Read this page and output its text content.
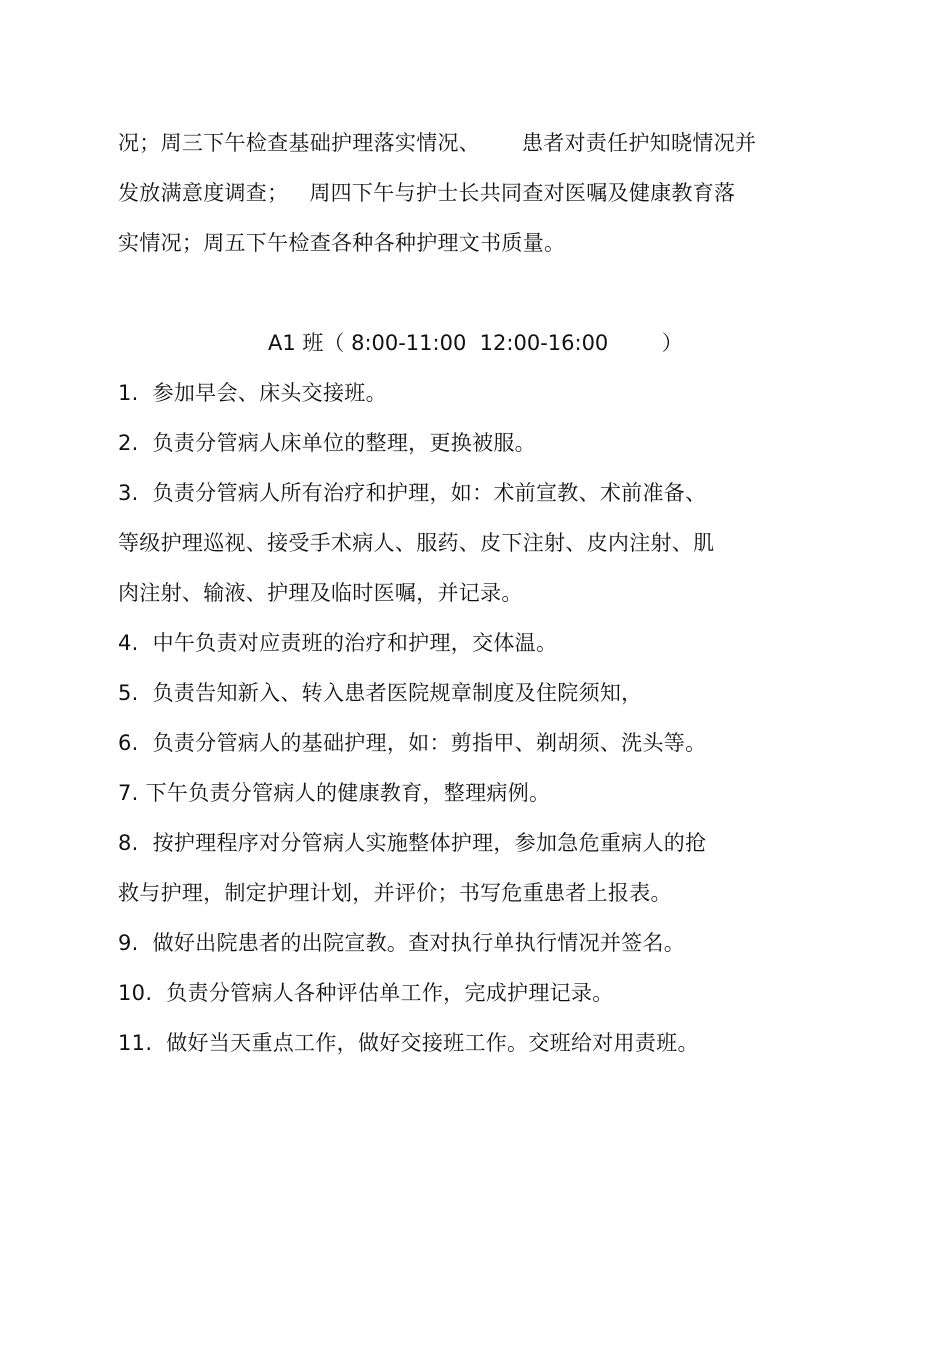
况；周三下午检查基础护理落实情况、      患者对责任护知晓情况并
发放满意度调查；   周四下午与护士长共同查对医嘱及健康教育落
实情况；周五下午检查各种各种护理文书质量。
A1 班（ 8:00-11:00  12:00-16:00        ）
1.  参加早会、床头交接班。
2.  负责分管病人床单位的整理，更换被服。
3.  负责分管病人所有治疗和护理，如：术前宣教、术前准备、
等级护理巡视、接受手术病人、服药、皮下注射、皮内注射、肌
肉注射、输液、护理及临时医嘱，并记录。
4.  中午负责对应责班的治疗和护理，交体温。
5.  负责告知新入、转入患者医院规章制度及住院须知，
6.  负责分管病人的基础护理，如：剪指甲、剃胡须、洗头等。
7. 下午负责分管病人的健康教育，整理病例。
8.  按护理程序对分管病人实施整体护理，参加急危重病人的抢
救与护理，制定护理计划，并评价；书写危重患者上报表。
9.  做好出院患者的出院宣教。查对执行单执行情况并签名。
10.  负责分管病人各种评估单工作，完成护理记录。
11.  做好当天重点工作，做好交接班工作。交班给对用责班。
